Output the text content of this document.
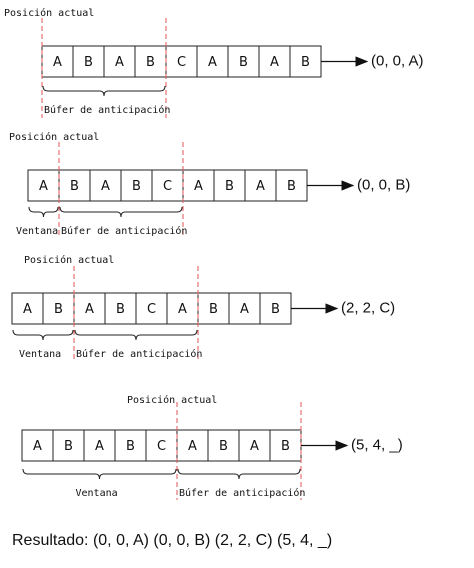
A B A B C A B A B
Posición actual
(0, 0, A)
Búfer de anticipación
A B A B C A B A B
Posición actual
(0, 0, B)
Ventana Búfer de anticipación
A B A B C A B A B
Posición actual
(2, 2, C)
Ventana Búfer de anticipación
A B A B C A B A B
Posición actual
(5, 4, _)
Ventana	Búfer de anticipación
Resultado: (0, 0, A) (0, 0, B) (2, 2, C) (5, 4, _)
